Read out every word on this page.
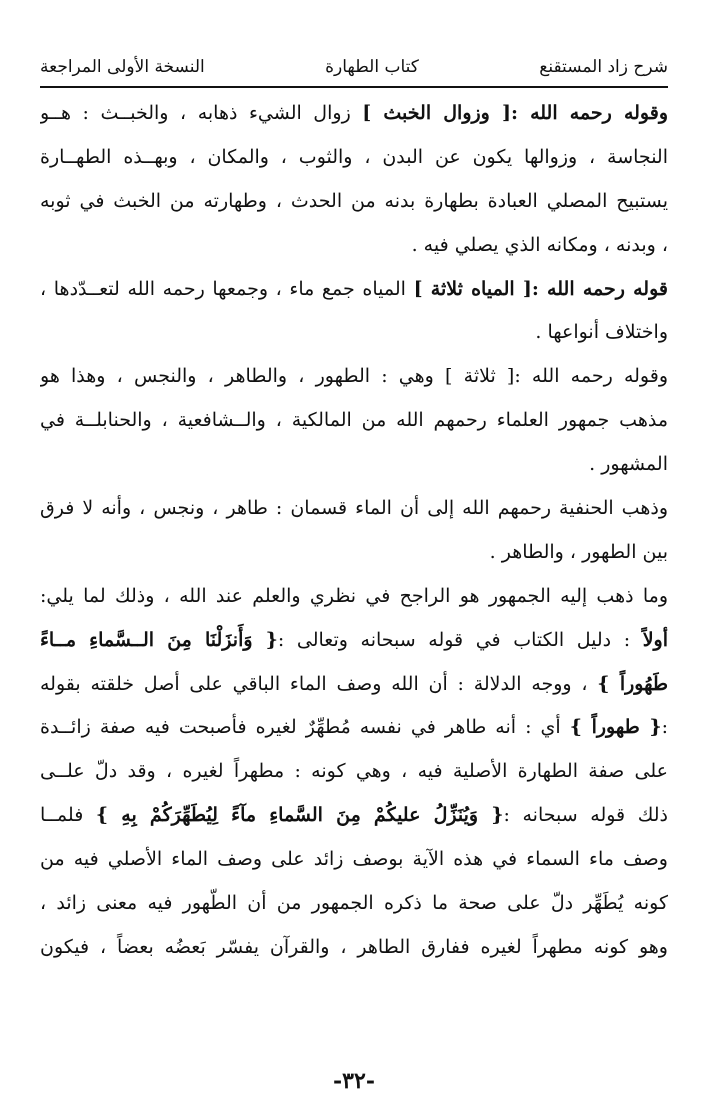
شرح زاد المستقنع
كتاب الطهارة
النسخة الأولى المراجعة
وقوله رحمه الله :[ وزوال الخبث ] زوال الشيء ذهابه ، والخبــث : هــو
النجاسة ، وزوالها يكون عن البدن ، والثوب ، والمكان ، وبهــذه الطهــارة
يستبيح المصلي العبادة بطهارة بدنه من الحدث ، وطهارته من الخبث في ثوبه
، وبدنه ، ومكانه الذي يصلي فيه .
قوله رحمه الله :[ المياه ثلاثة ] المياه جمع ماء ، وجمعها رحمه الله لتعــدّدها ،
واختلاف أنواعها .
وقوله رحمه الله :[ ثلاثة ] وهي : الطهور ، والطاهر ، والنجس ، وهذا هو
مذهب جمهور العلماء رحمهم الله من المالكية ، والــشافعية ، والحنابلــة في
المشهور .
وذهب الحنفية رحمهم الله إلى أن الماء قسمان : طاهر ، ونجس ، وأنه لا فرق
بين الطهور ، والطاهر .
وما ذهب إليه الجمهور هو الراجح في نظري والعلم عند الله ، وذلك لما يلي:
أولاً : دليل الكتاب في قوله سبحانه وتعالى :{ وَأَنزَلْنَا مِنَ الــسَّماءِ مــاءً
طَهُوراً } ، ووجه الدلالة : أن الله وصف الماء الباقي على أصل خلقته بقوله
:{ طهوراً } أي : أنه طاهر في نفسه مُطهِّرٌ لغيره فأصبحت فيه صفة زائــدة
على صفة الطهارة الأصلية فيه ، وهي كونه : مطهراً لغيره ، وقد دلّ علــى
ذلك قوله سبحانه :{ وَيُنَزِّلُ عليكُمْ مِنَ السَّماءِ مآءً لِيُطَهِّرَكُمْ بِهِ } فلمــا
وصف ماء السماء في هذه الآية بوصف زائد على وصف الماء الأصلي فيه من
كونه يُطَهِّر دلّ على صحة ما ذكره الجمهور من أن الطّهور فيه معنى زائد ،
وهو كونه مطهراً لغيره ففارق الطاهر ، والقرآن يفسّر بَعضُه بعضاً ، فيكون
-٣٢-
